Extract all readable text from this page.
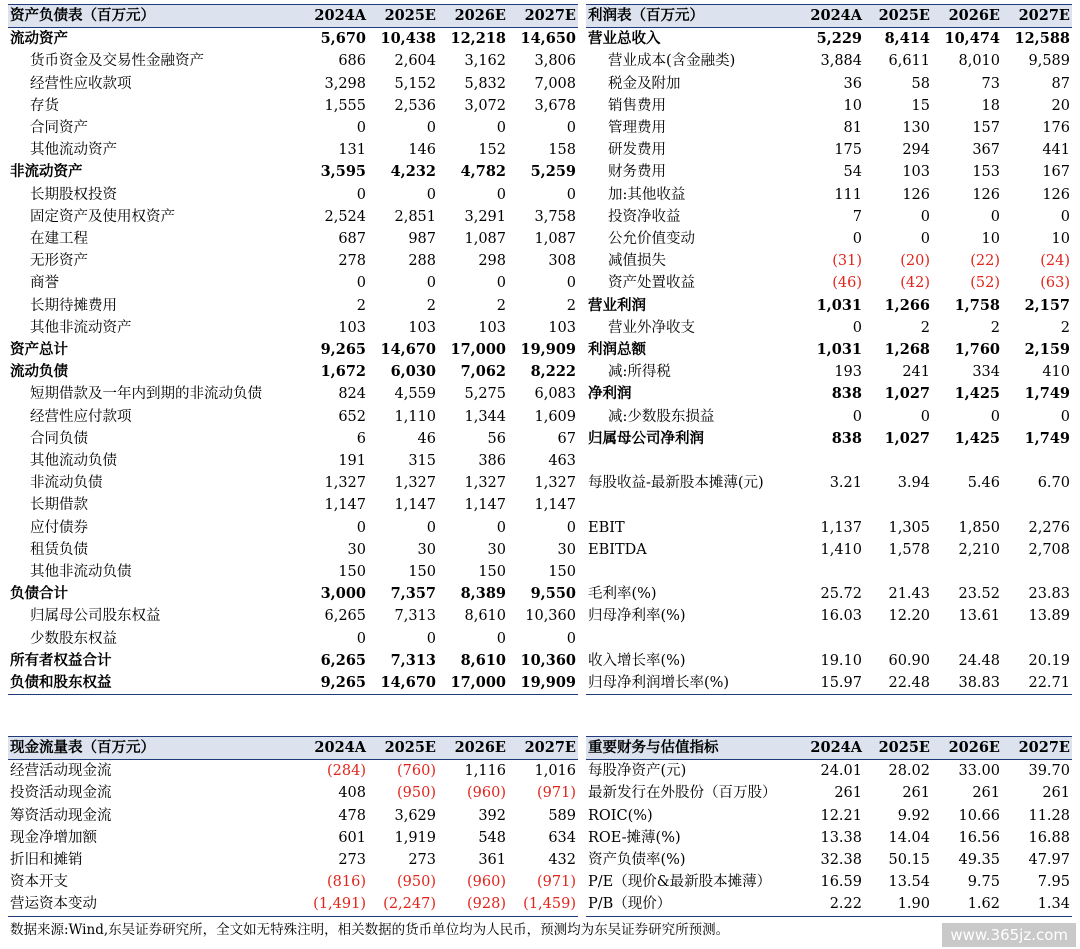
资产负债表（百万元）	2024A	2025E	2026E	2027E
流动资产	5,670	10,438	12,218	14,650
货币资金及交易性金融资产	686	2,604	3,162	3,806
经营性应收款项	3,298	5,152	5,832	7,008
存货	1,555	2,536	3,072	3,678
合同资产	0	0	0	0
其他流动资产	131	146	152	158
非流动资产	3,595	4,232	4,782	5,259
长期股权投资	0	0	0	0
固定资产及使用权资产	2,524	2,851	3,291	3,758
在建工程	687	987	1,087	1,087
无形资产	278	288	298	308
商誉	0	0	0	0
长期待摊费用	2	2	2	2
其他非流动资产	103	103	103	103
资产总计	9,265	14,670	17,000	19,909
流动负债	1,672	6,030	7,062	8,222
短期借款及一年内到期的非流动负债	824	4,559	5,275	6,083
经营性应付款项	652	1,110	1,344	1,609
合同负债	6	46	56	67
其他流动负债	191	315	386	463
非流动负债	1,327	1,327	1,327	1,327
长期借款	1,147	1,147	1,147	1,147
应付债券	0	0	0	0
租赁负债	30	30	30	30
其他非流动负债	150	150	150	150
负债合计	3,000	7,357	8,389	9,550
归属母公司股东权益	6,265	7,313	8,610	10,360
少数股东权益	0	0	0	0
所有者权益合计	6,265	7,313	8,610	10,360
负债和股东权益	9,265	14,670	17,000	19,909
利润表（百万元）	2024A	2025E	2026E	2027E
营业总收入	5,229	8,414	10,474	12,588
营业成本(含金融类)	3,884	6,611	8,010	9,589
税金及附加	36	58	73	87
销售费用	10	15	18	20
管理费用	81	130	157	176
研发费用	175	294	367	441
财务费用	54	103	153	167
加:其他收益	111	126	126	126
投资净收益	7	0	0	0
公允价值变动	0	0	10	10
减值损失	(31)	(20)	(22)	(24)
资产处置收益	(46)	(42)	(52)	(63)
营业利润	1,031	1,266	1,758	2,157
营业外净收支	0	2	2	2
利润总额	1,031	1,268	1,760	2,159
减:所得税	193	241	334	410
净利润	838	1,027	1,425	1,749
减:少数股东损益	0	0	0	0
归属母公司净利润	838	1,027	1,425	1,749

每股收益-最新股本摊薄(元)	3.21	3.94	5.46	6.70

EBIT	1,137	1,305	1,850	2,276
EBITDA	1,410	1,578	2,210	2,708

毛利率(%)	25.72	21.43	23.52	23.83
归母净利率(%)	16.03	12.20	13.61	13.89

收入增长率(%)	19.10	60.90	24.48	20.19
归母净利润增长率(%)	15.97	22.48	38.83	22.71
现金流量表（百万元）	2024A	2025E	2026E	2027E
经营活动现金流	(284)	(760)	1,116	1,016
投资活动现金流	408	(950)	(960)	(971)
筹资活动现金流	478	3,629	392	589
现金净增加额	601	1,919	548	634
折旧和摊销	273	273	361	432
资本开支	(816)	(950)	(960)	(971)
营运资本变动	(1,491)	(2,247)	(928)	(1,459)
重要财务与估值指标	2024A	2025E	2026E	2027E
每股净资产(元)	24.01	28.02	33.00	39.70
最新发行在外股份（百万股）	261	261	261	261
ROIC(%)	12.21	9.92	10.66	11.28
ROE-摊薄(%)	13.38	14.04	16.56	16.88
资产负债率(%)	32.38	50.15	49.35	47.97
P/E（现价&最新股本摊薄）	16.59	13.54	9.75	7.95
P/B（现价）	2.22	1.90	1.62	1.34
数据来源:Wind,东吴证券研究所，全文如无特殊注明，相关数据的货币单位均为人民币，预测均为东吴证券研究所预测。	www.365jz.com
